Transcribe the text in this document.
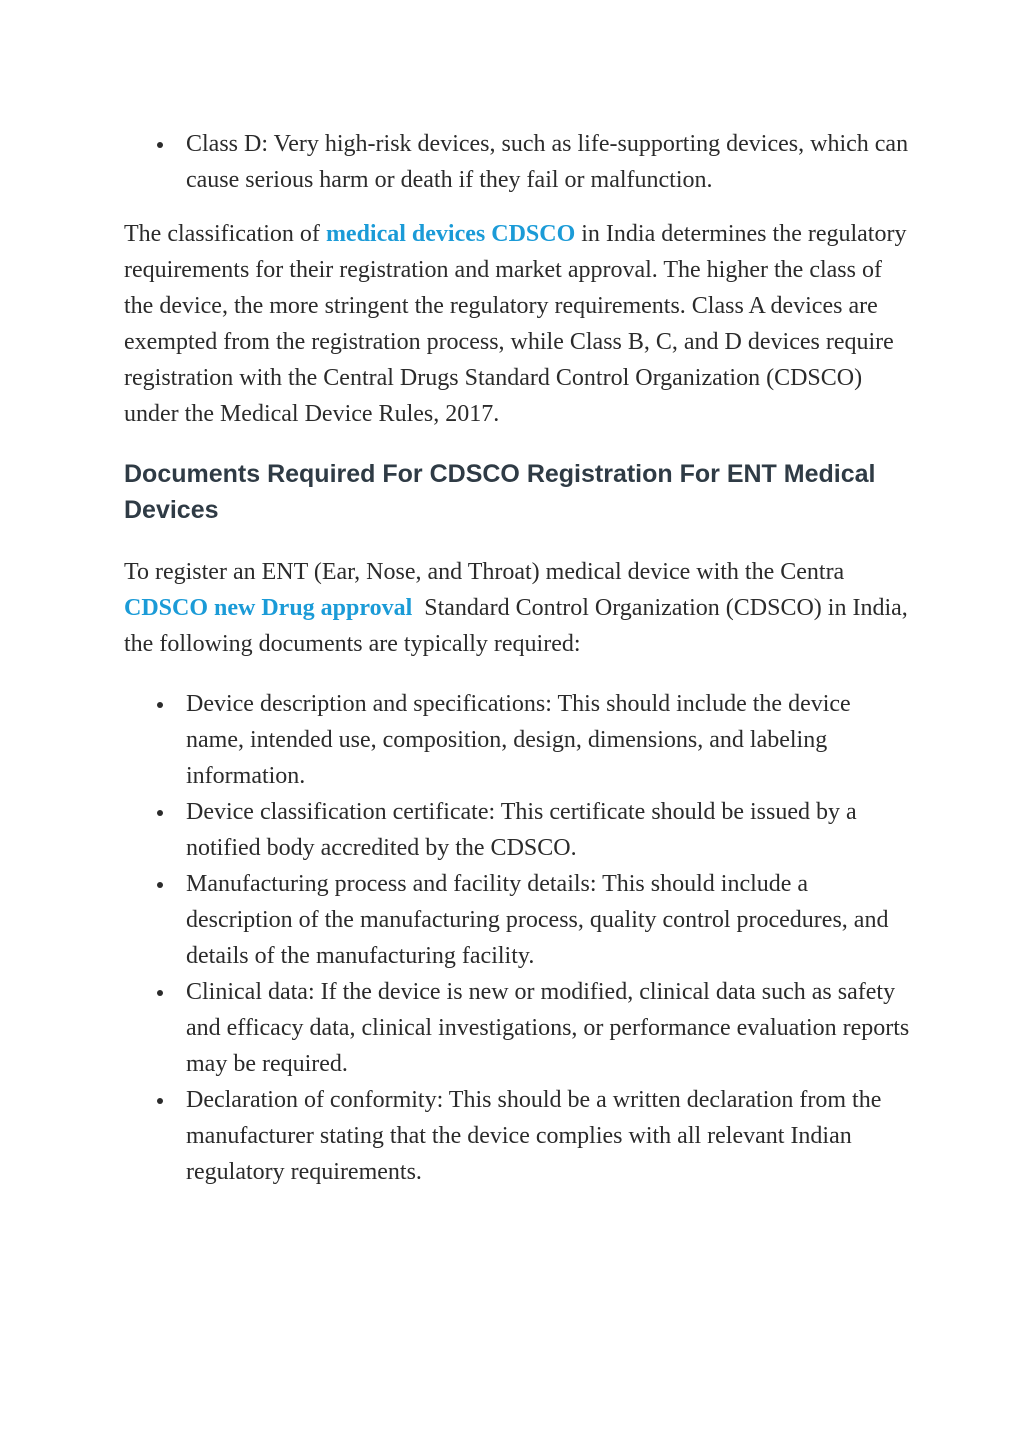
Class D: Very high-risk devices, such as life-supporting devices, which can cause serious harm or death if they fail or malfunction.

The classification of medical devices CDSCO in India determines the regulatory requirements for their registration and market approval. The higher the class of the device, the more stringent the regulatory requirements. Class A devices are exempted from the registration process, while Class B, C, and D devices require registration with the Central Drugs Standard Control Organization (CDSCO) under the Medical Device Rules, 2017.

Documents Required For CDSCO Registration For ENT Medical Devices

To register an ENT (Ear, Nose, and Throat) medical device with the Centra CDSCO new Drug approval  Standard Control Organization (CDSCO) in India, the following documents are typically required:

Device description and specifications: This should include the device name, intended use, composition, design, dimensions, and labeling information.
Device classification certificate: This certificate should be issued by a notified body accredited by the CDSCO.
Manufacturing process and facility details: This should include a description of the manufacturing process, quality control procedures, and details of the manufacturing facility.
Clinical data: If the device is new or modified, clinical data such as safety and efficacy data, clinical investigations, or performance evaluation reports may be required.
Declaration of conformity: This should be a written declaration from the manufacturer stating that the device complies with all relevant Indian regulatory requirements.
